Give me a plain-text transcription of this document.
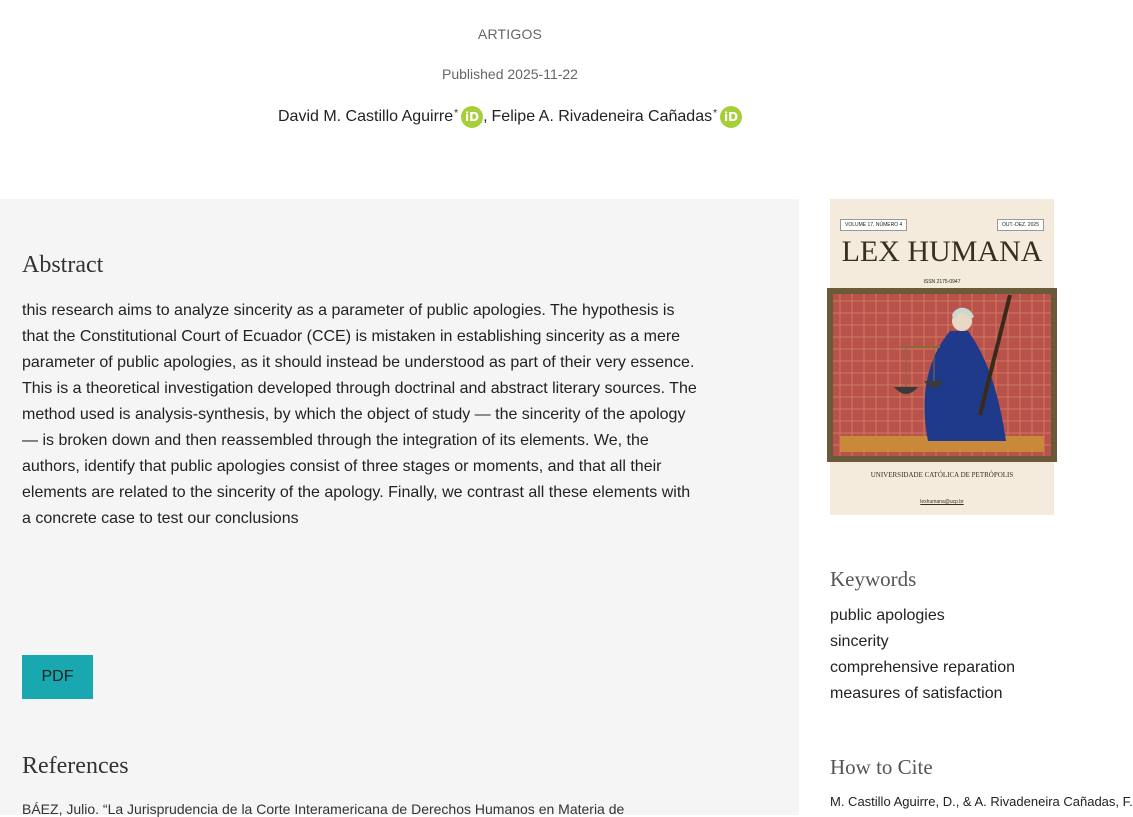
ARTIGOS
Published 2025-11-22
David M. Castillo Aguirre* iD , Felipe A. Rivadeneira Cañadas* iD
Abstract

this research aims to analyze sincerity as a parameter of public apologies. The hypothesis is that the Constitutional Court of Ecuador (CCE) is mistaken in establishing sincerity as a mere parameter of public apologies, as it should instead be understood as part of their very essence. This is a theoretical investigation developed through doctrinal and abstract literary sources. The method used is analysis-synthesis, by which the object of study — the sincerity of the apology — is broken down and then reassembled through the integration of its elements. We, the authors, identify that public apologies consist of three stages or moments, and that all their elements are related to the sincerity of the apology. Finally, we contrast all these elements with a concrete case to test our conclusions

PDF
References
BÁEZ, Julio. “La Jurisprudencia de la Corte Interamericana de Derechos Humanos en Materia de
VOLUME 17, NÚMERO 4	OUT.-DEZ. 2025
LEX HUMANA
ISSN 2175-0947
UNIVERSIDADE CATÓLICA DE PETRÓPOLIS
lexhumana@ucp.br
Keywords
public apologies
sincerity
comprehensive reparation
measures of satisfaction
How to Cite
M. Castillo Aguirre, D., & A. Rivadeneira Cañadas, F.
